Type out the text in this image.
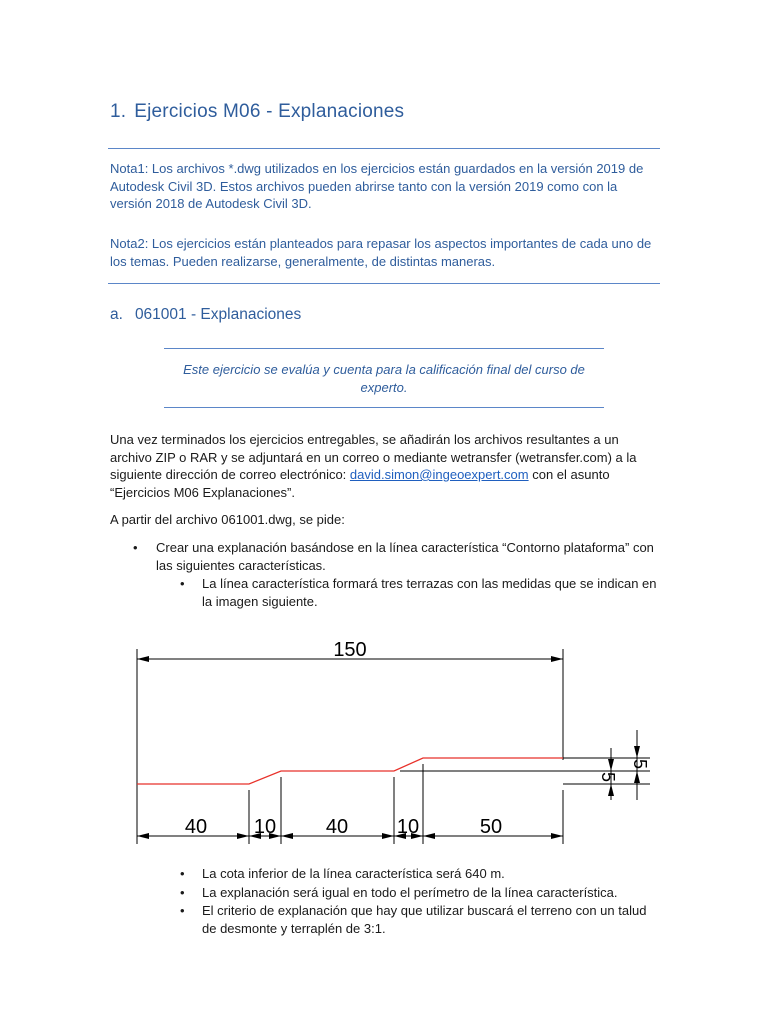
1. Ejercicios M06 - Explanaciones
Nota1: Los archivos *.dwg utilizados en los ejercicios están guardados en la versión 2019 de Autodesk Civil 3D. Estos archivos pueden abrirse tanto con la versión 2019 como con la versión 2018 de Autodesk Civil 3D.
Nota2: Los ejercicios están planteados para repasar los aspectos importantes de cada uno de los temas. Pueden realizarse, generalmente, de distintas maneras.
a. 061001 - Explanaciones
Este ejercicio se evalúa y cuenta para la calificación final del curso de experto.
Una vez terminados los ejercicios entregables, se añadirán los archivos resultantes a un archivo ZIP o RAR y se adjuntará en un correo o mediante wetransfer (wetransfer.com) a la siguiente dirección de correo electrónico: david.simon@ingeoexpert.com con el asunto “Ejercicios M06 Explanaciones”.
A partir del archivo 061001.dwg, se pide:
• Crear una explanación basándose en la línea característica “Contorno plataforma” con las siguientes características.
• La línea característica formará tres terrazas con las medidas que se indican en la imagen siguiente.
150
40 10 40 10	50
5
5
• La cota inferior de la línea característica será 640 m.
• La explanación será igual en todo el perímetro de la línea característica.
• El criterio de explanación que hay que utilizar buscará el terreno con un talud de desmonte y terraplén de 3:1.
